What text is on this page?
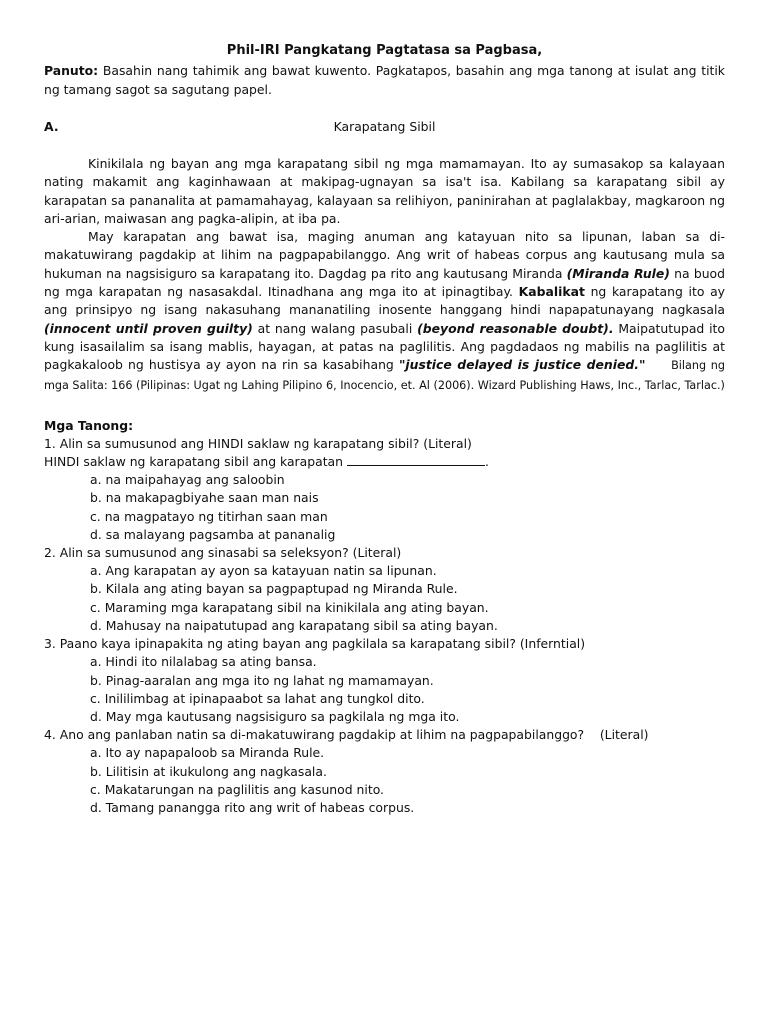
Phil-IRI Pangkatang Pagtatasa sa Pagbasa,

Panuto: Basahin nang tahimik ang bawat kuwento. Pagkatapos, basahin ang mga tanong at isulat ang titik ng tamang sagot sa sagutang papel.

A.	Karapatang Sibil

Kinikilala ng bayan ang mga karapatang sibil ng mga mamamayan. Ito ay sumasakop sa kalayaan nating makamit ang kaginhawaan at makipag-ugnayan sa isa't isa. Kabilang sa karapatang sibil ay karapatan sa pananalita at pamamahayag, kalayaan sa relihiyon, paninirahan at paglalakbay, magkaroon ng ari-arian, maiwasan ang pagka-alipin, at iba pa.

May karapatan ang bawat isa, maging anuman ang katayuan nito sa lipunan, laban sa di-makatuwirang pagdakip at lihim na pagpapabilanggo. Ang writ of habeas corpus ang kautusang mula sa hukuman na nagsisiguro sa karapatang ito. Dagdag pa rito ang kautusang Miranda (Miranda Rule) na buod ng mga karapatan ng nasasakdal. Itinadhana ang mga ito at ipinagtibay. Kabalikat ng karapatang ito ay ang prinsipyo ng isang nakasuhang mananatiling inosente hanggang hindi napapatunayang nagkasala (innocent until proven guilty) at nang walang pasubali (beyond reasonable doubt). Maipatutupad ito kung isasailalim sa isang mablis, hayagan, at patas na paglilitis. Ang pagdadaos ng mabilis na paglilitis at pagkakaloob ng hustisya ay ayon na rin sa kasabihang "justice delayed is justice denied." Bilang ng mga Salita: 166 (Pilipinas: Ugat ng Lahing Pilipino 6, Inocencio, et. Al (2006). Wizard Publishing Haws, Inc., Tarlac, Tarlac.)

Mga Tanong:

1. Alin sa sumusunod ang HINDI saklaw ng karapatang sibil? (Literal)

HINDI saklaw ng karapatang sibil ang karapatan	.

a. na maipahayag ang saloobin

b. na makapagbiyahe saan man nais

c. na magpatayo ng titirhan saan man

d. sa malayang pagsamba at pananalig

2. Alin sa sumusunod ang sinasabi sa seleksyon? (Literal)

a. Ang karapatan ay ayon sa katayuan natin sa lipunan.

b. Kilala ang ating bayan sa pagpaptupad ng Miranda Rule.

c. Maraming mga karapatang sibil na kinikilala ang ating bayan.

d. Mahusay na naipatutupad ang karapatang sibil sa ating bayan.

3. Paano kaya ipinapakita ng ating bayan ang pagkilala sa karapatang sibil? (Inferntial)

a. Hindi ito nilalabag sa ating bansa.

b. Pinag-aaralan ang mga ito ng lahat ng mamamayan.

c. Inililimbag at ipinapaabot sa lahat ang tungkol dito.

d. May mga kautusang nagsisiguro sa pagkilala ng mga ito.

4. Ano ang panlaban natin sa di-makatuwirang pagdakip at lihim na pagpapabilanggo?    (Literal)

a. Ito ay napapaloob sa Miranda Rule.

b. Lilitisin at ikukulong ang nagkasala.

c. Makatarungan na paglilitis ang kasunod nito.

d. Tamang panangga rito ang writ of habeas corpus.
